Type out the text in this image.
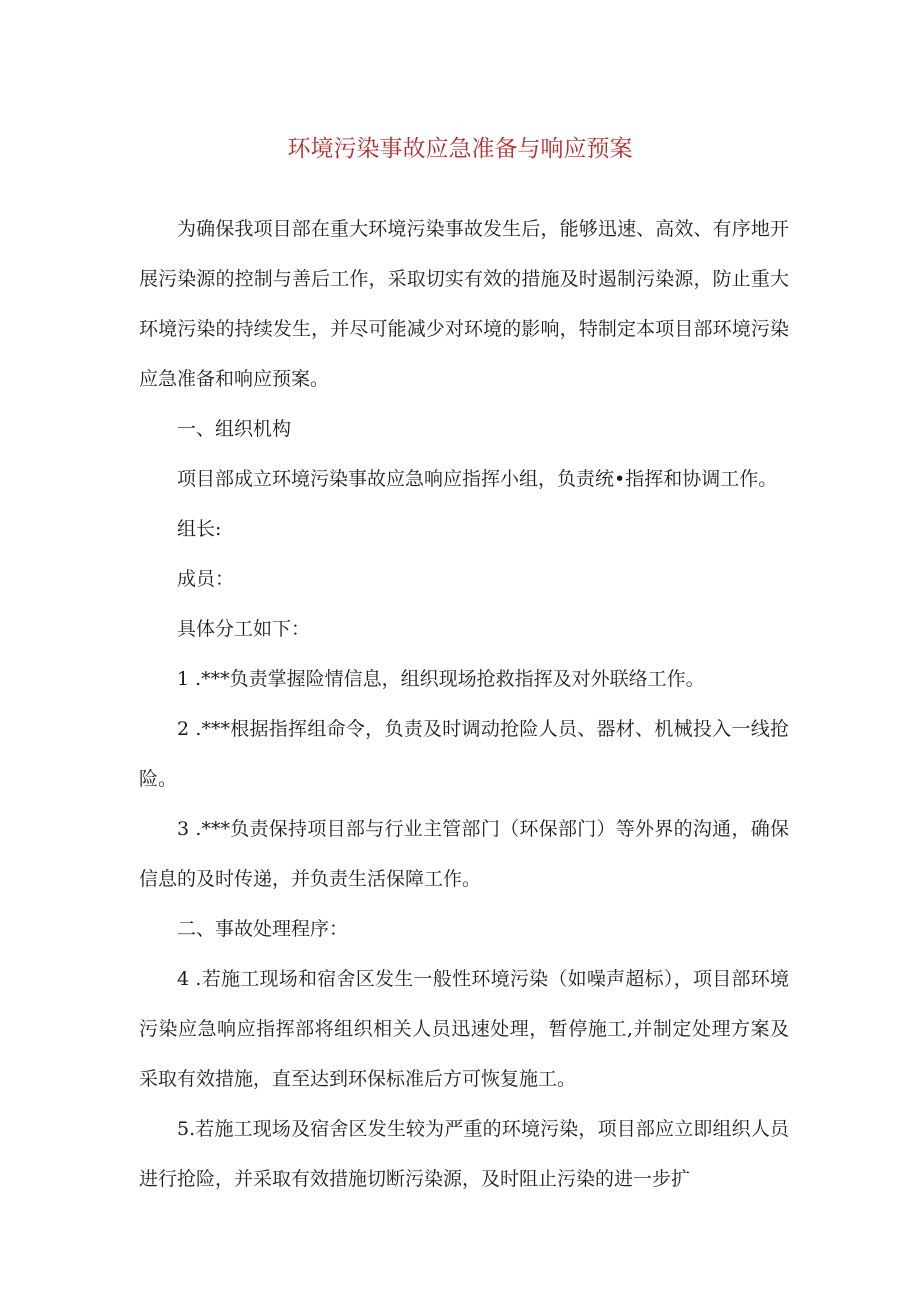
环境污染事故应急准备与响应预案

为确保我项目部在重大环境污染事故发生后，能够迅速、高效、有序地开展污染源的控制与善后工作，采取切实有效的措施及时遏制污染源，防止重大环境污染的持续发生，并尽可能减少对环境的影响，特制定本项目部环境污染应急准备和响应预案。

一、组织机构

项目部成立环境污染事故应急响应指挥小组，负责统•指挥和协调工作。

组长:

成员：

具体分工如下：

1 .***负责掌握险情信息，组织现场抢救指挥及对外联络工作。

2 .***根据指挥组命令，负责及时调动抢险人员、器材、机械投入一线抢险。

3 .***负责保持项目部与行业主管部门（环保部门）等外界的沟通，确保信息的及时传递，并负责生活保障工作。

二、事故处理程序：

4 .若施工现场和宿舍区发生一般性环境污染（如噪声超标），项目部环境污染应急响应指挥部将组织相关人员迅速处理，暂停施工,并制定处理方案及采取有效措施，直至达到环保标准后方可恢复施工。

5.若施工现场及宿舍区发生较为严重的环境污染，项目部应立即组织人员进行抢险，并采取有效措施切断污染源，及时阻止污染的进一步扩
